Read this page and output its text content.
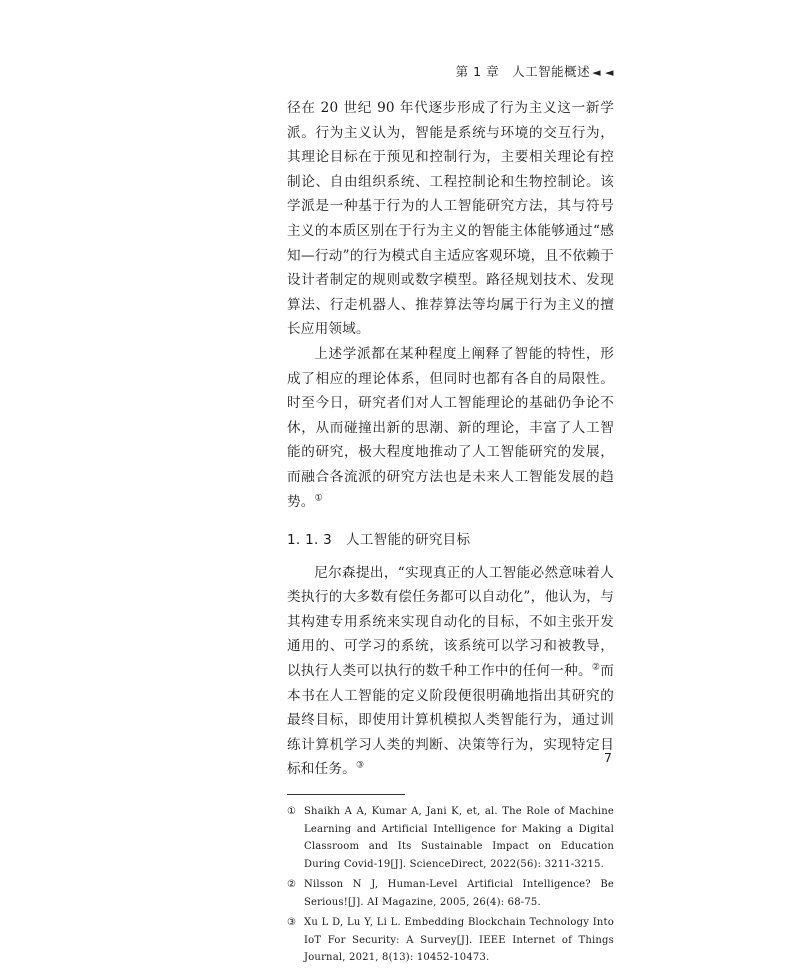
第 1 章　人工智能概述 ◄ ◄

径在 20 世纪 90 年代逐步形成了行为主义这一新学派。行为主义认为，智能是系统与环境的交互行为，其理论目标在于预见和控制行为，主要相关理论有控制论、自由组织系统、工程控制论和生物控制论。该学派是一种基于行为的人工智能研究方法，其与符号主义的本质区别在于行为主义的智能主体能够通过“感知—行动”的行为模式自主适应客观环境，且不依赖于设计者制定的规则或数字模型。路径规划技术、发现算法、行走机器人、推荐算法等均属于行为主义的擅长应用领域。

上述学派都在某种程度上阐释了智能的特性，形成了相应的理论体系，但同时也都有各自的局限性。时至今日，研究者们对人工智能理论的基础仍争论不休，从而碰撞出新的思潮、新的理论，丰富了人工智能的研究，极大程度地推动了人工智能研究的发展，而融合各流派的研究方法也是未来人工智能发展的趋势。①

1. 1. 3 人工智能的研究目标

尼尔森提出，“实现真正的人工智能必然意味着人类执行的大多数有偿任务都可以自动化”，他认为，与其构建专用系统来实现自动化的目标，不如主张开发通用的、可学习的系统，该系统可以学习和被教导，以执行人类可以执行的数千种工作中的任何一种。②而本书在人工智能的定义阶段便很明确地指出其研究的最终目标，即使用计算机模拟人类智能行为，通过训练计算机学习人类的判断、决策等行为，实现特定目标和任务。③

① Shaikh A A, Kumar A, Jani K, et, al. The Role of Machine Learning and Artificial Intelligence for Making a Digital Classroom and Its Sustainable Impact on Education During Covid-19[J]. ScienceDirect, 2022(56): 3211-3215.
② Nilsson N J, Human-Level Artificial Intelligence? Be Serious![J]. AI Magazine, 2005, 26(4): 68-75.
③ Xu L D, Lu Y, Li L. Embedding Blockchain Technology Into IoT For Security: A Survey[J]. IEEE Internet of Things Journal, 2021, 8(13): 10452-10473.
7
